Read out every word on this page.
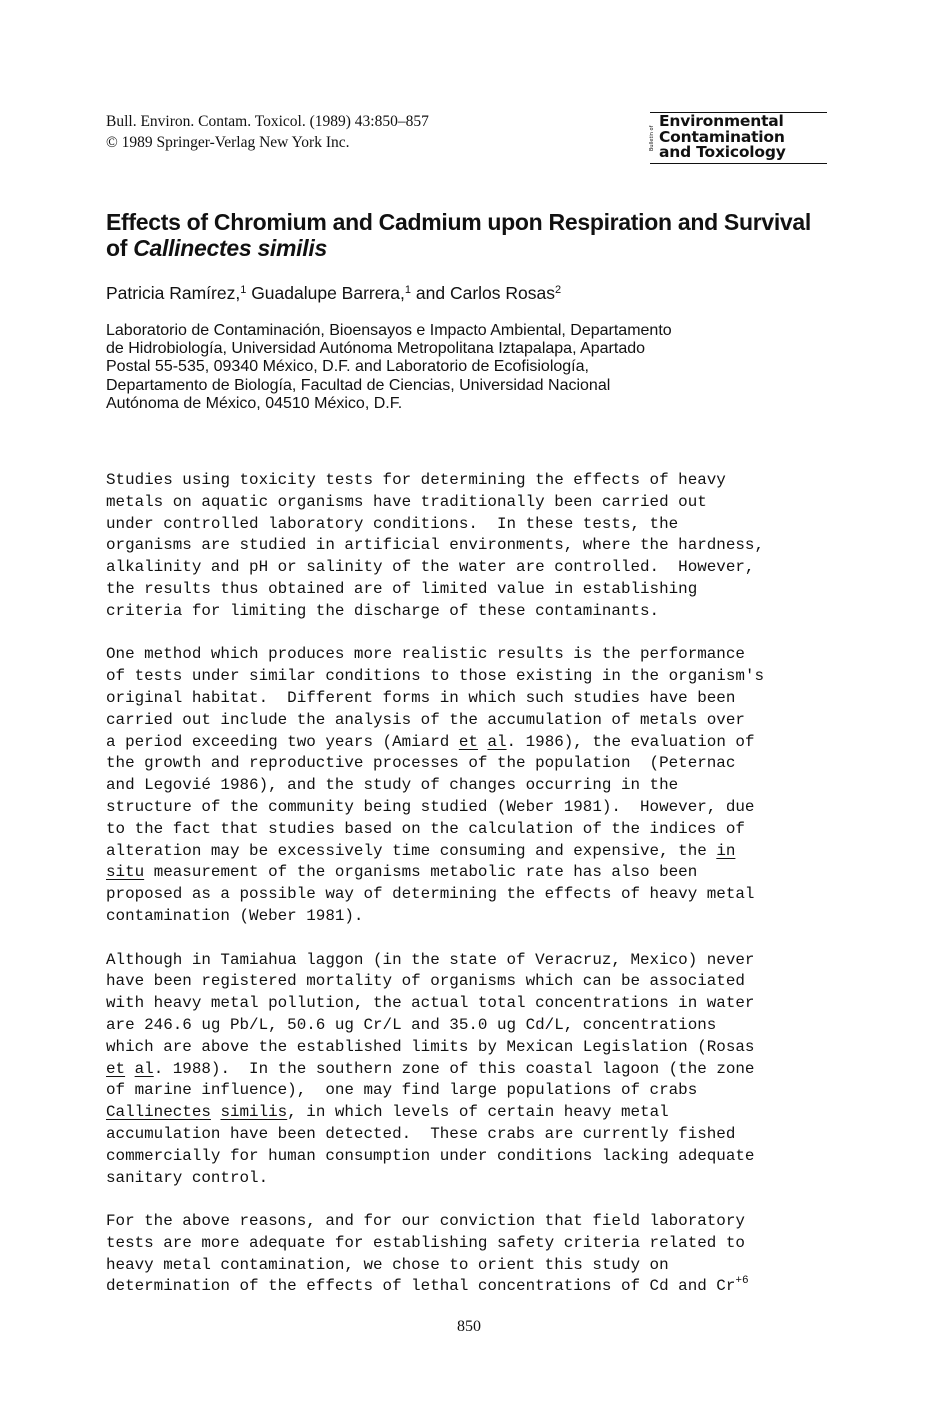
Bull. Environ. Contam. Toxicol. (1989) 43:850–857
© 1989 Springer-Verlag New York Inc.	Bulletin of
Environmental
Contamination
and Toxicology
Effects of Chromium and Cadmium upon Respiration and Survival of Callinectes similis
Patricia Ramírez,$^1$ Guadalupe Barrera,$^1$ and Carlos Rosas$^2$
Laboratorio de Contaminación, Bioensayos e Impacto Ambiental, Departamento
de Hidrobiología, Universidad Autónoma Metropolitana Iztapalapa, Apartado
Postal 55-535, 09340 México, D.F. and Laboratorio de Ecofisiología,
Departamento de Biología, Facultad de Ciencias, Universidad Nacional
Autónoma de México, 04510 México, D.F.
Studies using toxicity tests for determining the effects of heavy
metals on aquatic organisms have traditionally been carried out
under controlled laboratory conditions.  In these tests, the
organisms are studied in artificial environments, where the hardness,
alkalinity and pH or salinity of the water are controlled.  However,
the results thus obtained are of limited value in establishing
criteria for limiting the discharge of these contaminants.
One method which produces more realistic results is the performance
of tests under similar conditions to those existing in the organism's
original habitat.  Different forms in which such studies have been
carried out include the analysis of the accumulation of metals over
a period exceeding two years (Amiard et al. 1986), the evaluation of
the growth and reproductive processes of the population  (Peternac
and Legovié 1986), and the study of changes occurring in the
structure of the community being studied (Weber 1981).  However, due
to the fact that studies based on the calculation of the indices of
alteration may be excessively time consuming and expensive, the in
situ measurement of the organisms metabolic rate has also been
proposed as a possible way of determining the effects of heavy metal
contamination (Weber 1981).
Although in Tamiahua laggon (in the state of Veracruz, Mexico) never
have been registered mortality of organisms which can be associated
with heavy metal pollution, the actual total concentrations in water
are 246.6 ug Pb/L, 50.6 ug Cr/L and 35.0 ug Cd/L, concentrations
which are above the established limits by Mexican Legislation (Rosas
et al. 1988).  In the southern zone of this coastal lagoon (the zone
of marine influence),  one may find large populations of crabs
Callinectes similis, in which levels of certain heavy metal
accumulation have been detected.  These crabs are currently fished
commercially for human consumption under conditions lacking adequate
sanitary control.
For the above reasons, and for our conviction that field laboratory
tests are more adequate for establishing safety criteria related to
heavy metal contamination, we chose to orient this study on
determination of the effects of lethal concentrations of Cd and $Cr^{+6}$
850
